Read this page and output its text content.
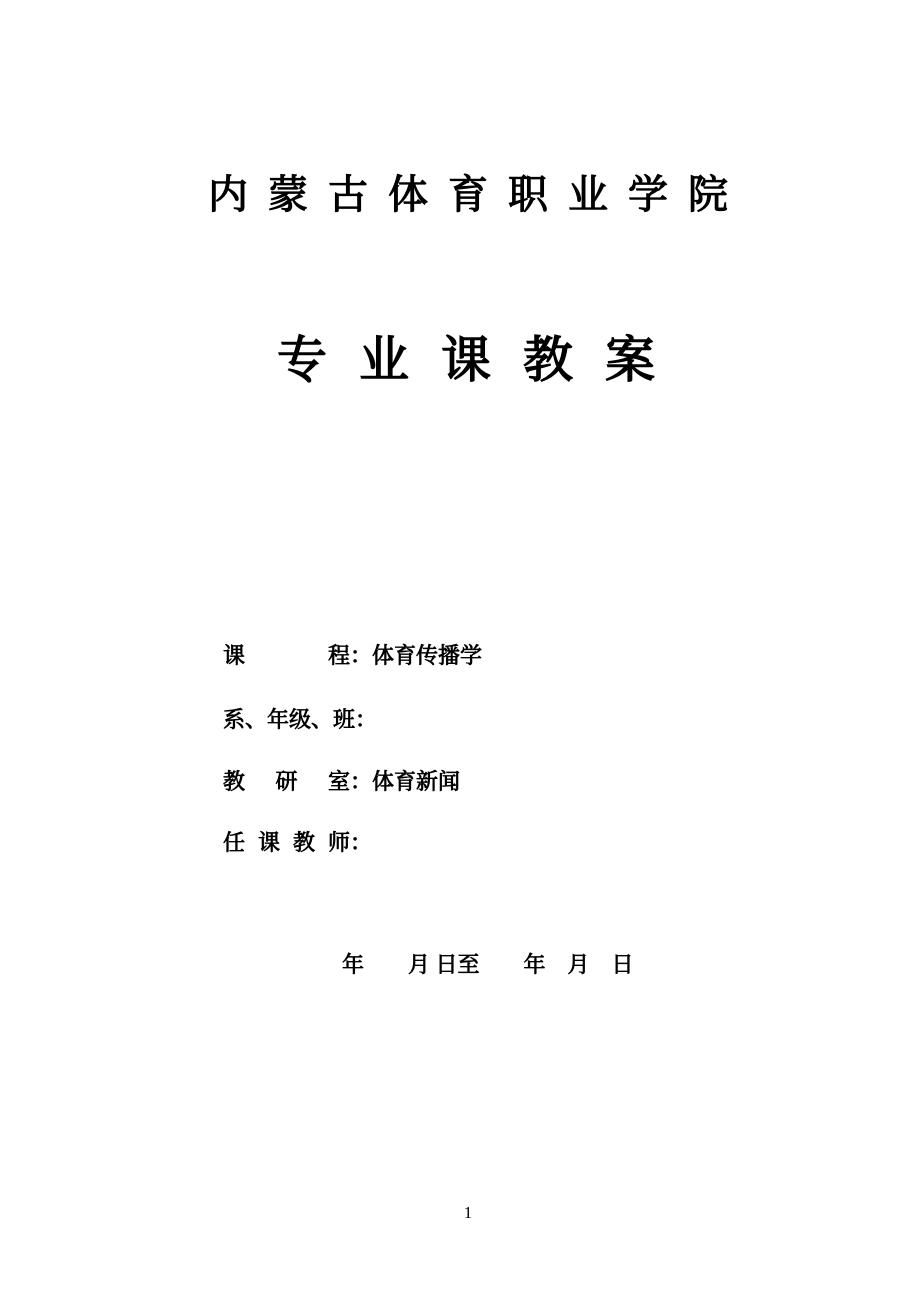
内蒙古体育职业学院
专业课教案
课程：体育传播学
系、年级、班：
教研室：体育新闻
任课教师：
年　　月 日至　　年　月　日
1
